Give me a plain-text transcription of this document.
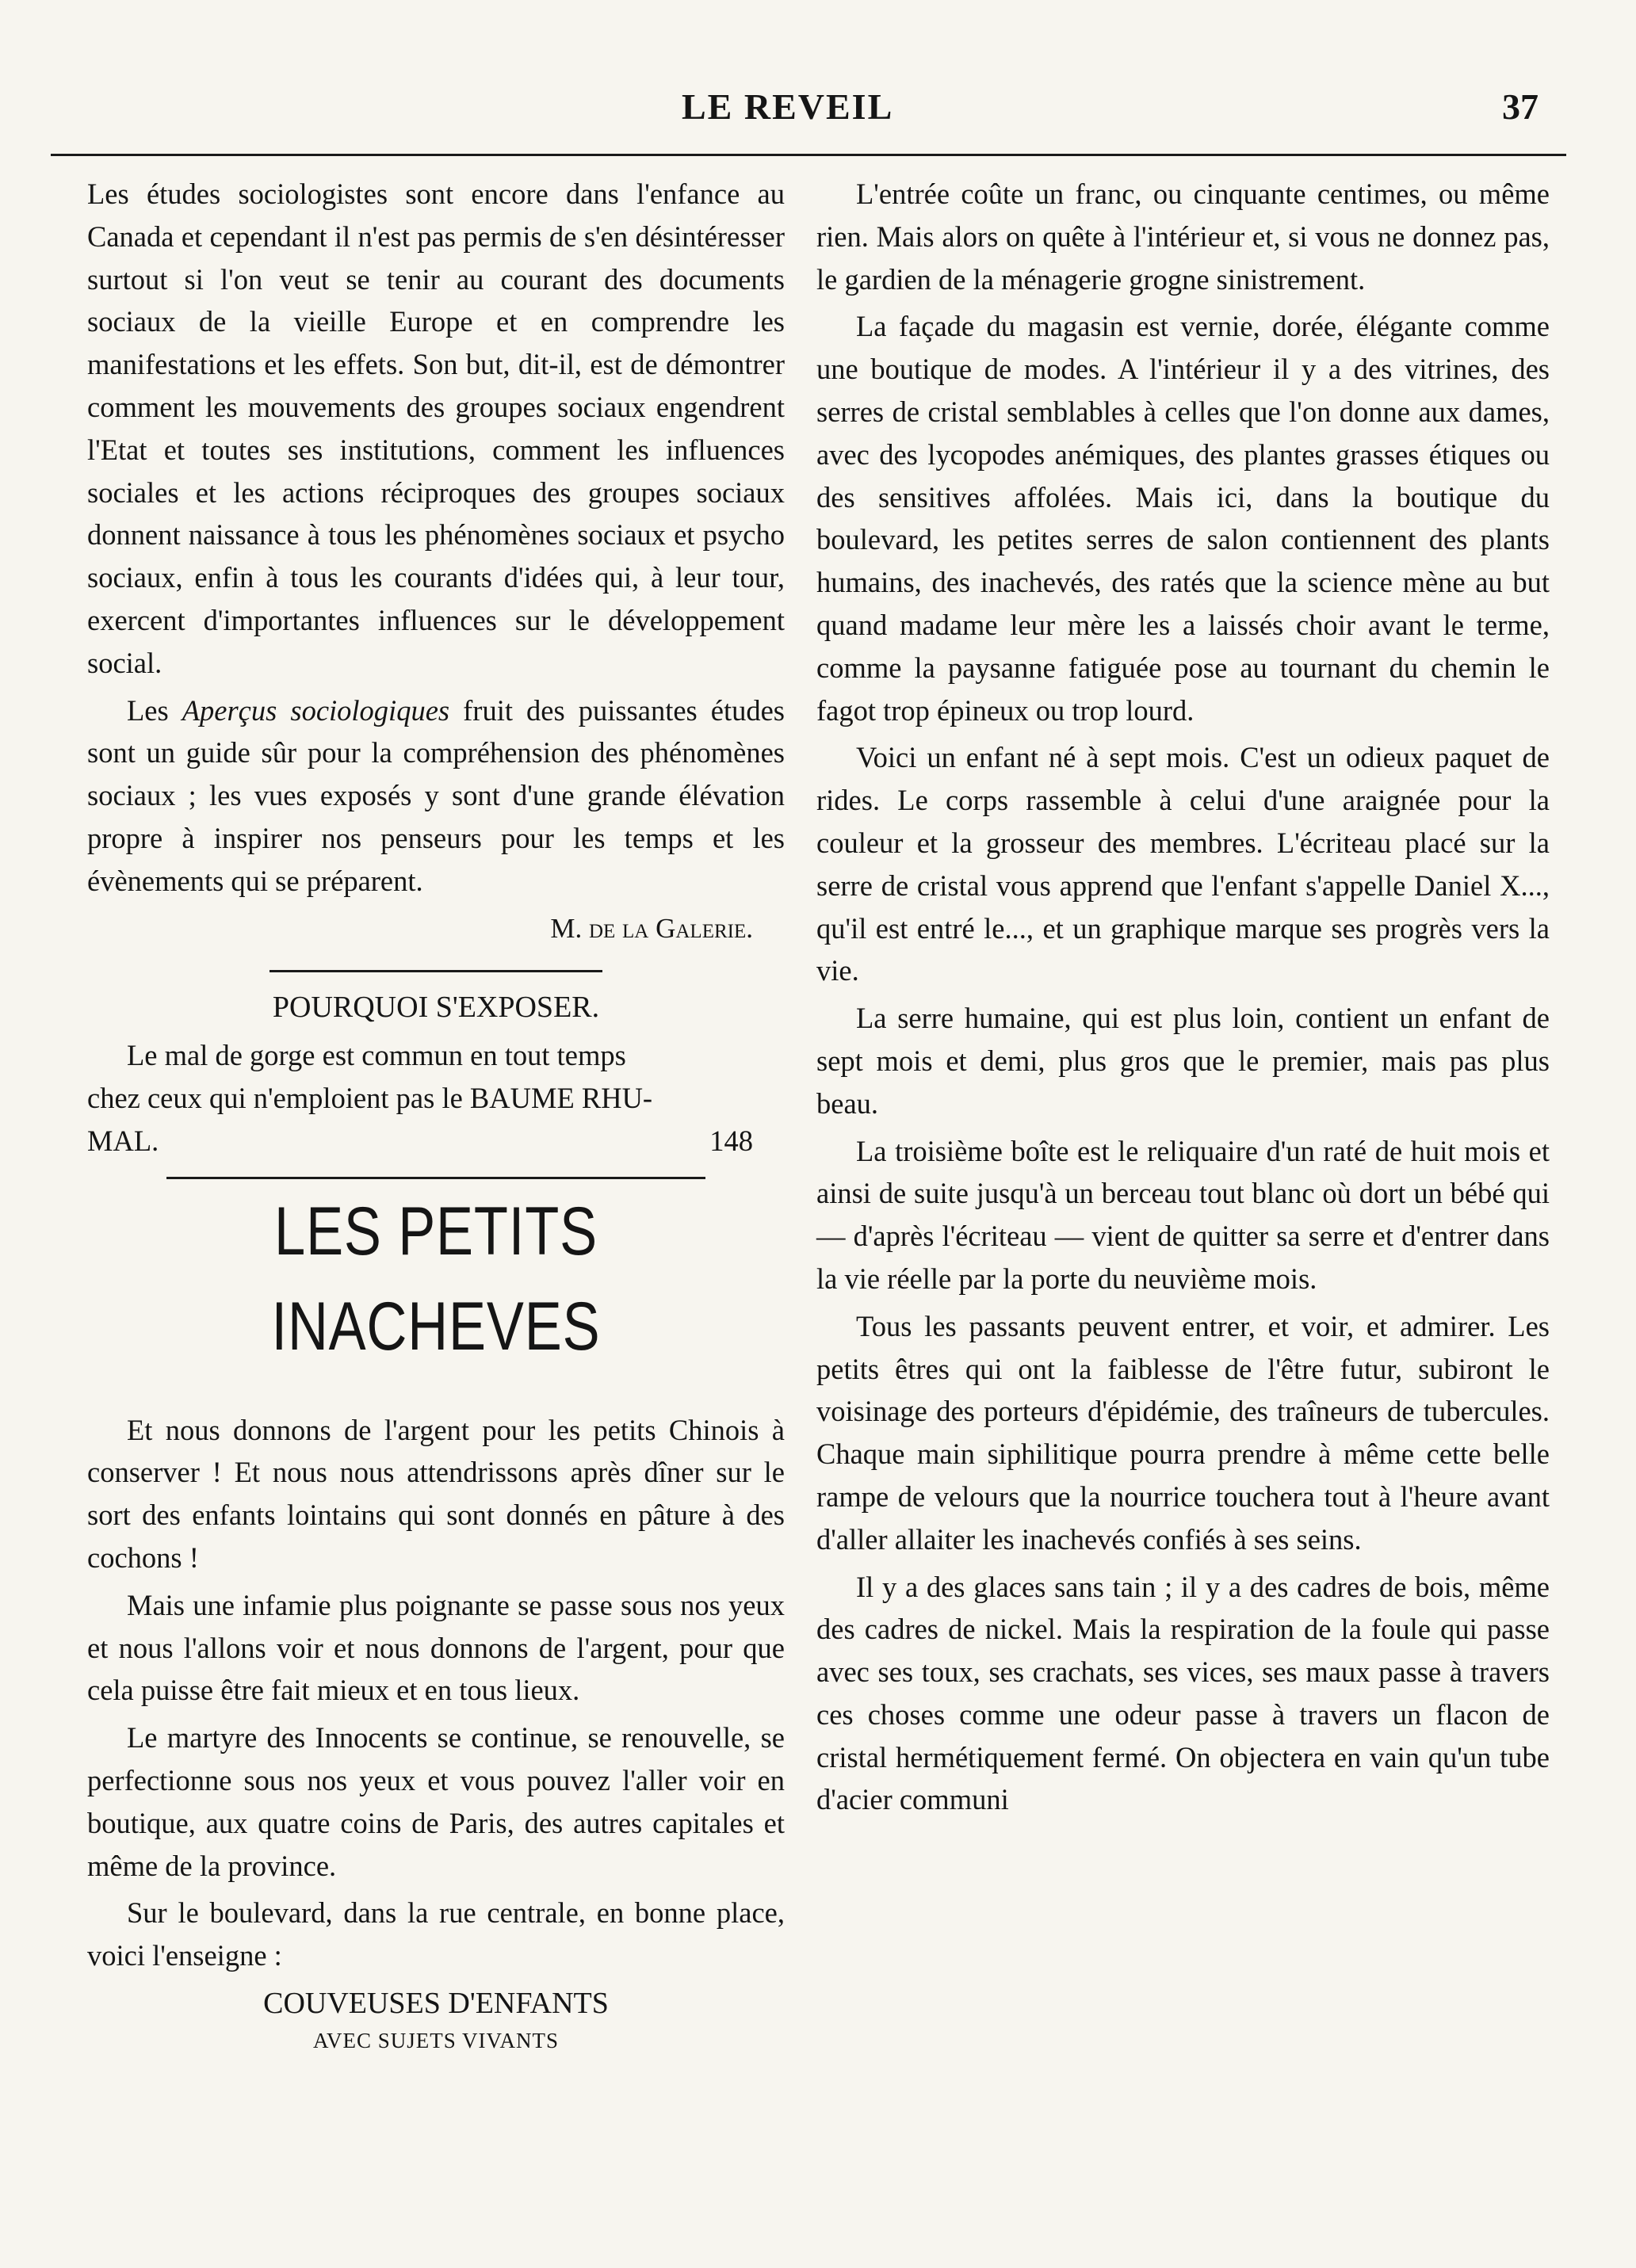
LE REVEIL	37

Les études sociologistes sont encore dans l'enfance au Canada et cependant il n'est pas permis de s'en désintéresser surtout si l'on veut se tenir au courant des documents sociaux de la vieille Europe et en comprendre les manifestations et les effets. Son but, dit-il, est de démontrer comment les mouvements des groupes sociaux engendrent l'Etat et toutes ses institutions, comment les influences sociales et les actions réciproques des groupes sociaux donnent naissance à tous les phénomènes sociaux et psycho sociaux, enfin à tous les courants d'idées qui, à leur tour, exercent d'importantes influences sur le développement social.

Les Aperçus sociologiques fruit des puissantes études sont un guide sûr pour la compréhension des phénomènes sociaux ; les vues exposés y sont d'une grande élévation propre à inspirer nos penseurs pour les temps et les évènements qui se préparent.

M. de la Galerie.

POURQUOI S'EXPOSER.

Le mal de gorge est commun en tout temps

chez ceux qui n'emploient pas le BAUME RHU-

MAL.	148
LES PETITS INACHEVES

Et nous donnons de l'argent pour les petits Chinois à conserver ! Et nous nous attendrissons après dîner sur le sort des enfants lointains qui sont donnés en pâture à des cochons !

Mais une infamie plus poignante se passe sous nos yeux et nous l'allons voir et nous donnons de l'argent, pour que cela puisse être fait mieux et en tous lieux.

Le martyre des Innocents se continue, se renouvelle, se perfectionne sous nos yeux et vous pouvez l'aller voir en boutique, aux quatre coins de Paris, des autres capitales et même de la province.

Sur le boulevard, dans la rue centrale, en bonne place, voici l'enseigne :

COUVEUSES D'ENFANTS
AVEC SUJETS VIVANTS

L'entrée coûte un franc, ou cinquante centimes, ou même rien. Mais alors on quête à l'intérieur et, si vous ne donnez pas, le gardien de la ménagerie grogne sinistrement.

La façade du magasin est vernie, dorée, élégante comme une boutique de modes. A l'intérieur il y a des vitrines, des serres de cristal semblables à celles que l'on donne aux dames, avec des lycopodes anémiques, des plantes grasses étiques ou des sensitives affolées. Mais ici, dans la boutique du boulevard, les petites serres de salon contiennent des plants humains, des inachevés, des ratés que la science mène au but quand madame leur mère les a laissés choir avant le terme, comme la paysanne fatiguée pose au tournant du chemin le fagot trop épineux ou trop lourd.

Voici un enfant né à sept mois. C'est un odieux paquet de rides. Le corps rassemble à celui d'une araignée pour la couleur et la grosseur des membres. L'écriteau placé sur la serre de cristal vous apprend que l'enfant s'appelle Daniel X..., qu'il est entré le..., et un graphique marque ses progrès vers la vie.

La serre humaine, qui est plus loin, contient un enfant de sept mois et demi, plus gros que le premier, mais pas plus beau.

La troisième boîte est le reliquaire d'un raté de huit mois et ainsi de suite jusqu'à un berceau tout blanc où dort un bébé qui — d'après l'écriteau — vient de quitter sa serre et d'entrer dans la vie réelle par la porte du neuvième mois.

Tous les passants peuvent entrer, et voir, et admirer. Les petits êtres qui ont la faiblesse de l'être futur, subiront le voisinage des porteurs d'épidémie, des traîneurs de tubercules. Chaque main siphilitique pourra prendre à même cette belle rampe de velours que la nourrice touchera tout à l'heure avant d'aller allaiter les inachevés confiés à ses seins.

Il y a des glaces sans tain ; il y a des cadres de bois, même des cadres de nickel. Mais la respiration de la foule qui passe avec ses toux, ses crachats, ses vices, ses maux passe à travers ces choses comme une odeur passe à travers un flacon de cristal hermétiquement fermé. On objectera en vain qu'un tube d'acier communi
